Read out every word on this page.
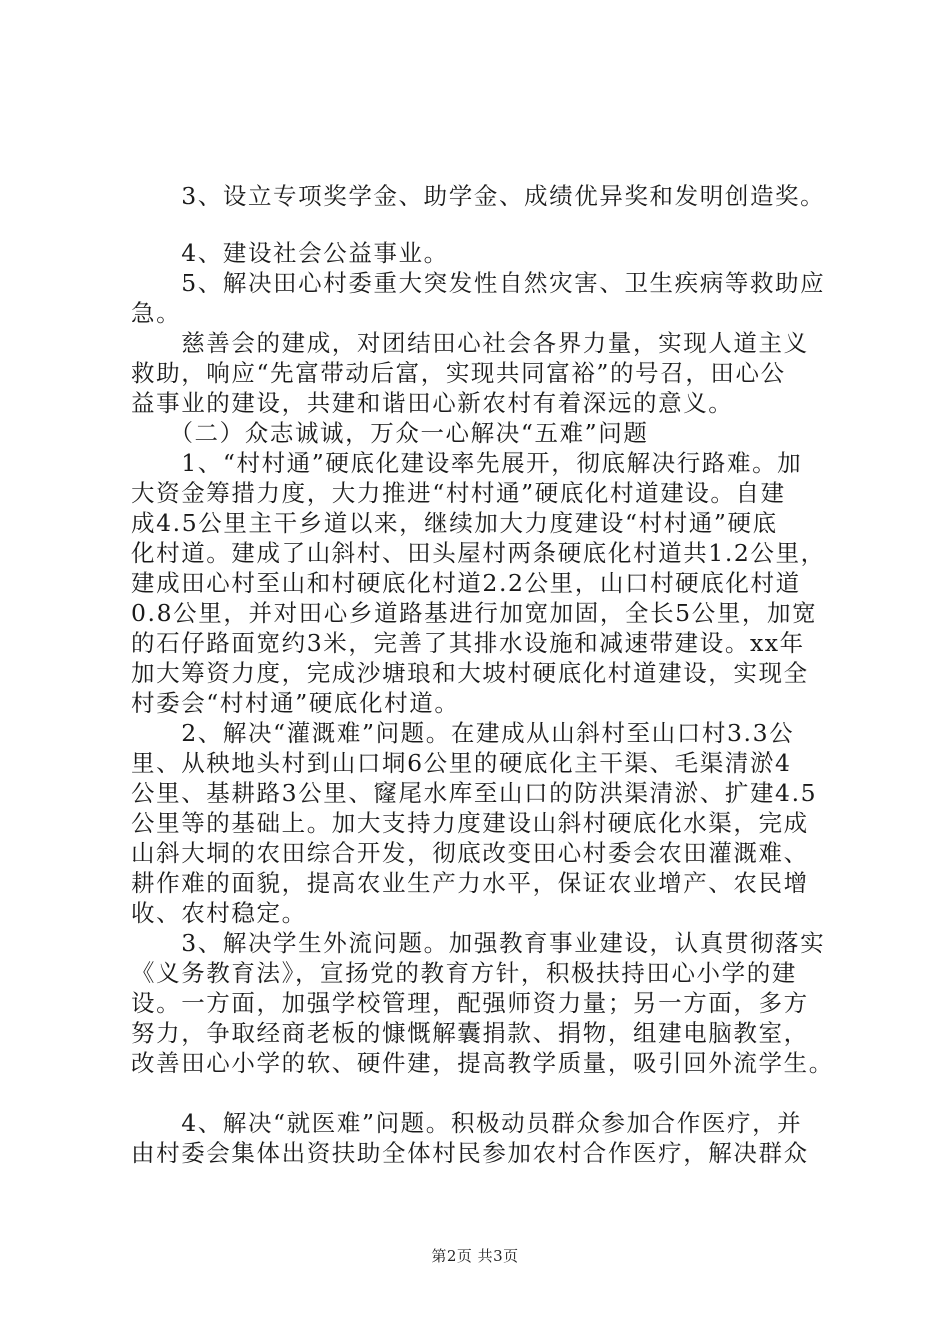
　　3、设立专项奖学金、助学金、成绩优异奖和发明创造奖。
　　4、建设社会公益事业。
　　5、解决田心村委重大突发性自然灾害、卫生疾病等救助应
急。
　　慈善会的建成，对团结田心社会各界力量，实现人道主义
救助，响应“先富带动后富，实现共同富裕”的号召，田心公
益事业的建设，共建和谐田心新农村有着深远的意义。
　　（二）众志诚诚，万众一心解决“五难”问题
　　1、“村村通”硬底化建设率先展开，彻底解决行路难。加
大资金筹措力度，大力推进“村村通”硬底化村道建设。自建
成4.5公里主干乡道以来，继续加大力度建设“村村通”硬底
化村道。建成了山斜村、田头屋村两条硬底化村道共1.2公里，
建成田心村至山和村硬底化村道2.2公里，山口村硬底化村道
0.8公里，并对田心乡道路基进行加宽加固，全长5公里，加宽
的石仔路面宽约3米，完善了其排水设施和减速带建设。xx年
加大筹资力度，完成沙塘琅和大坡村硬底化村道建设，实现全
村委会“村村通”硬底化村道。
　　2、解决“灌溉难”问题。在建成从山斜村至山口村3.3公
里、从秧地头村到山口垌6公里的硬底化主干渠、毛渠清淤4
公里、基耕路3公里、窿尾水库至山口的防洪渠清淤、扩建4.5
公里等的基础上。加大支持力度建设山斜村硬底化水渠，完成
山斜大垌的农田综合开发，彻底改变田心村委会农田灌溉难、
耕作难的面貌，提高农业生产力水平，保证农业增产、农民增
收、农村稳定。
　　3、解决学生外流问题。加强教育事业建设，认真贯彻落实
《义务教育法》，宣扬党的教育方针，积极扶持田心小学的建
设。一方面，加强学校管理，配强师资力量；另一方面，多方
努力，争取经商老板的慷慨解囊捐款、捐物，组建电脑教室，
改善田心小学的软、硬件建，提高教学质量，吸引回外流学生。
　　4、解决“就医难”问题。积极动员群众参加合作医疗，并
由村委会集体出资扶助全体村民参加农村合作医疗，解决群众
第2页 共3页
